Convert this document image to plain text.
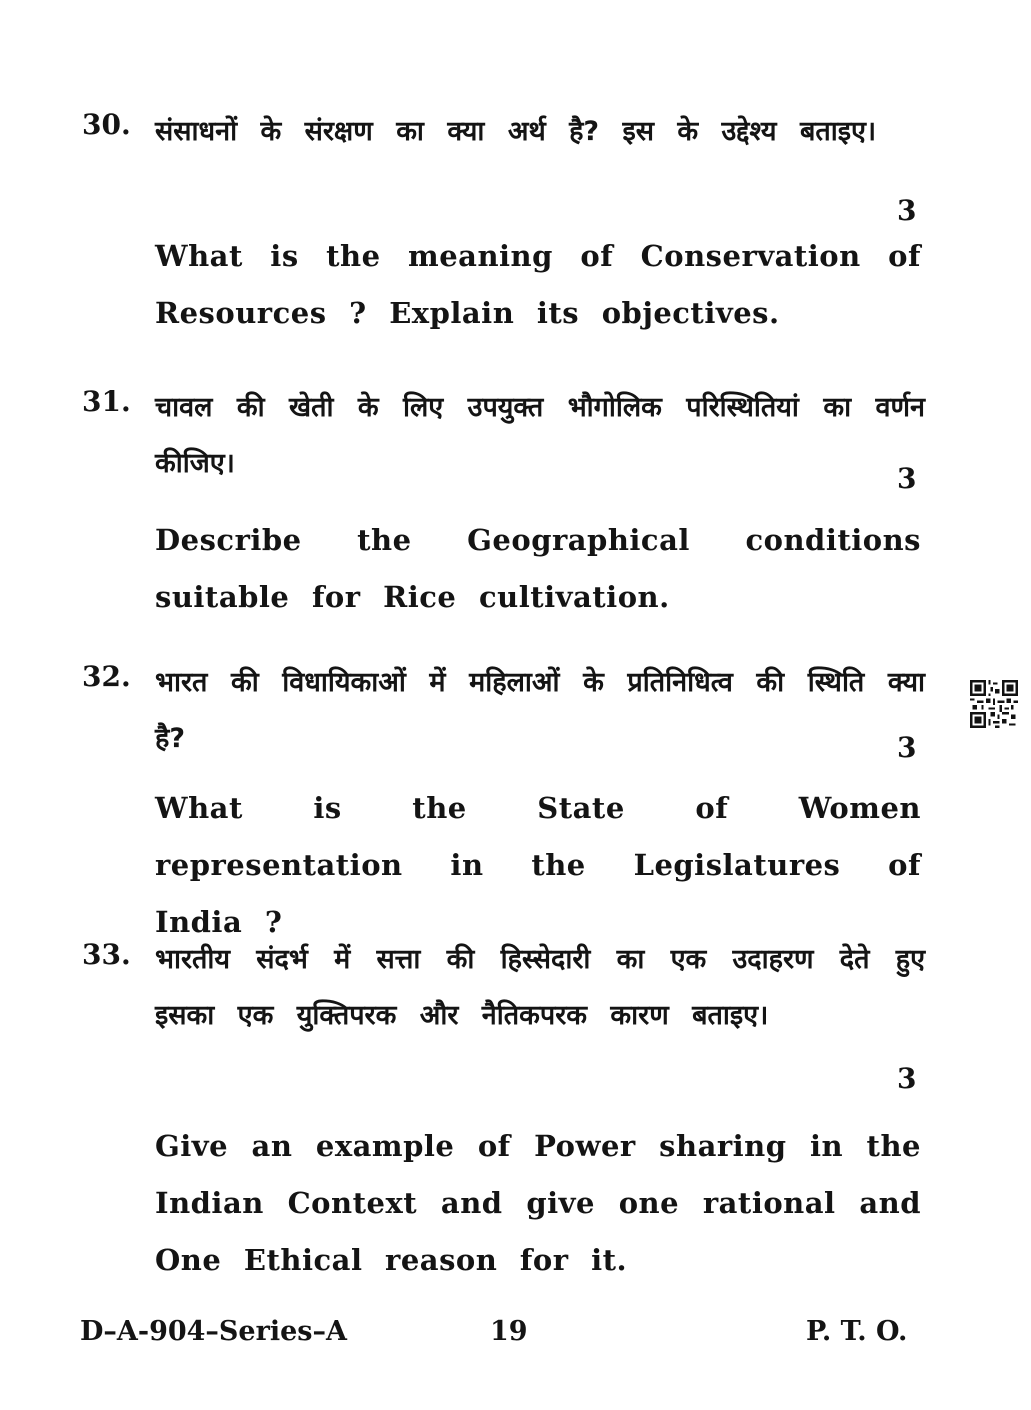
30. संसाधनों के संरक्षण का क्या अर्थ है? इस के उद्देश्य बताइए।
3
What is the meaning of Conservation of Resources ? Explain its objectives.
31. चावल की खेती के लिए उपयुक्त भौगोलिक परिस्थितियां का वर्णन कीजिए।	3
Describe the Geographical conditions suitable for Rice cultivation.
32. भारत की विधायिकाओं में महिलाओं के प्रतिनिधित्व की स्थिति क्या है?	3
What is the State of Women representation in the Legislatures of India ?
33. भारतीय संदर्भ में सत्ता की हिस्सेदारी का एक उदाहरण देते हुए इसका एक युक्तिपरक और नैतिकपरक कारण बताइए।
3
Give an example of Power sharing in the Indian Context and give one rational and One Ethical reason for it.
D–A-904–Series–A	19	P. T. O.
